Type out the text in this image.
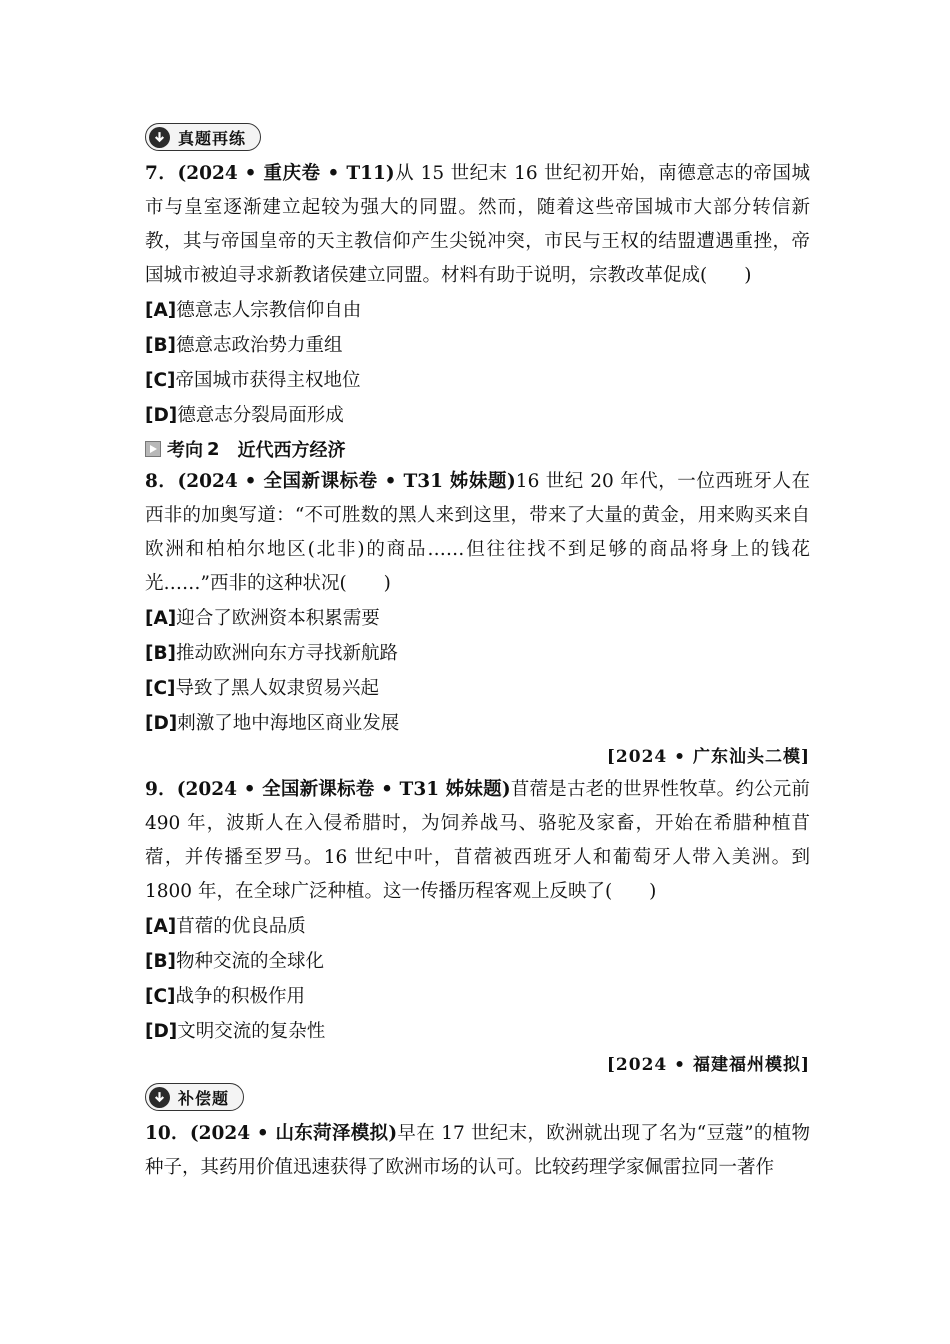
真题再练

7．(2024 • 重庆卷 • T11)从 15 世纪末 16 世纪初开始，南德意志的帝国城市与皇室逐渐建立起较为强大的同盟。然而，随着这些帝国城市大部分转信新教，其与帝国皇帝的天主教信仰产生尖锐冲突，市民与王权的结盟遭遇重挫，帝国城市被迫寻求新教诸侯建立同盟。材料有助于说明，宗教改革促成(　　)

[A]德意志人宗教信仰自由

[B]德意志政治势力重组

[C]帝国城市获得主权地位

[D]德意志分裂局面形成

考向 2 近代西方经济

8．(2024 • 全国新课标卷 • T31 姊妹题)16 世纪 20 年代，一位西班牙人在西非的加奥写道：“不可胜数的黑人来到这里，带来了大量的黄金，用来购买来自欧洲和柏柏尔地区(北非)的商品……但往往找不到足够的商品将身上的钱花光……”西非的这种状况(　　)

[A]迎合了欧洲资本积累需要

[B]推动欧洲向东方寻找新航路

[C]导致了黑人奴隶贸易兴起

[D]刺激了地中海地区商业发展

[2024 • 广东汕头二模]

9．(2024 • 全国新课标卷 • T31 姊妹题)苜蓿是古老的世界性牧草。约公元前 490 年，波斯人在入侵希腊时，为饲养战马、骆驼及家畜，开始在希腊种植苜蓿，并传播至罗马。16 世纪中叶，苜蓿被西班牙人和葡萄牙人带入美洲。到 1800 年，在全球广泛种植。这一传播历程客观上反映了(　　)

[A]苜蓿的优良品质

[B]物种交流的全球化

[C]战争的积极作用

[D]文明交流的复杂性

[2024 • 福建福州模拟]

补偿题

10．(2024 • 山东菏泽模拟)早在 17 世纪末，欧洲就出现了名为“豆蔻”的植物种子，其药用价值迅速获得了欧洲市场的认可。比较药理学家佩雷拉同一著作
